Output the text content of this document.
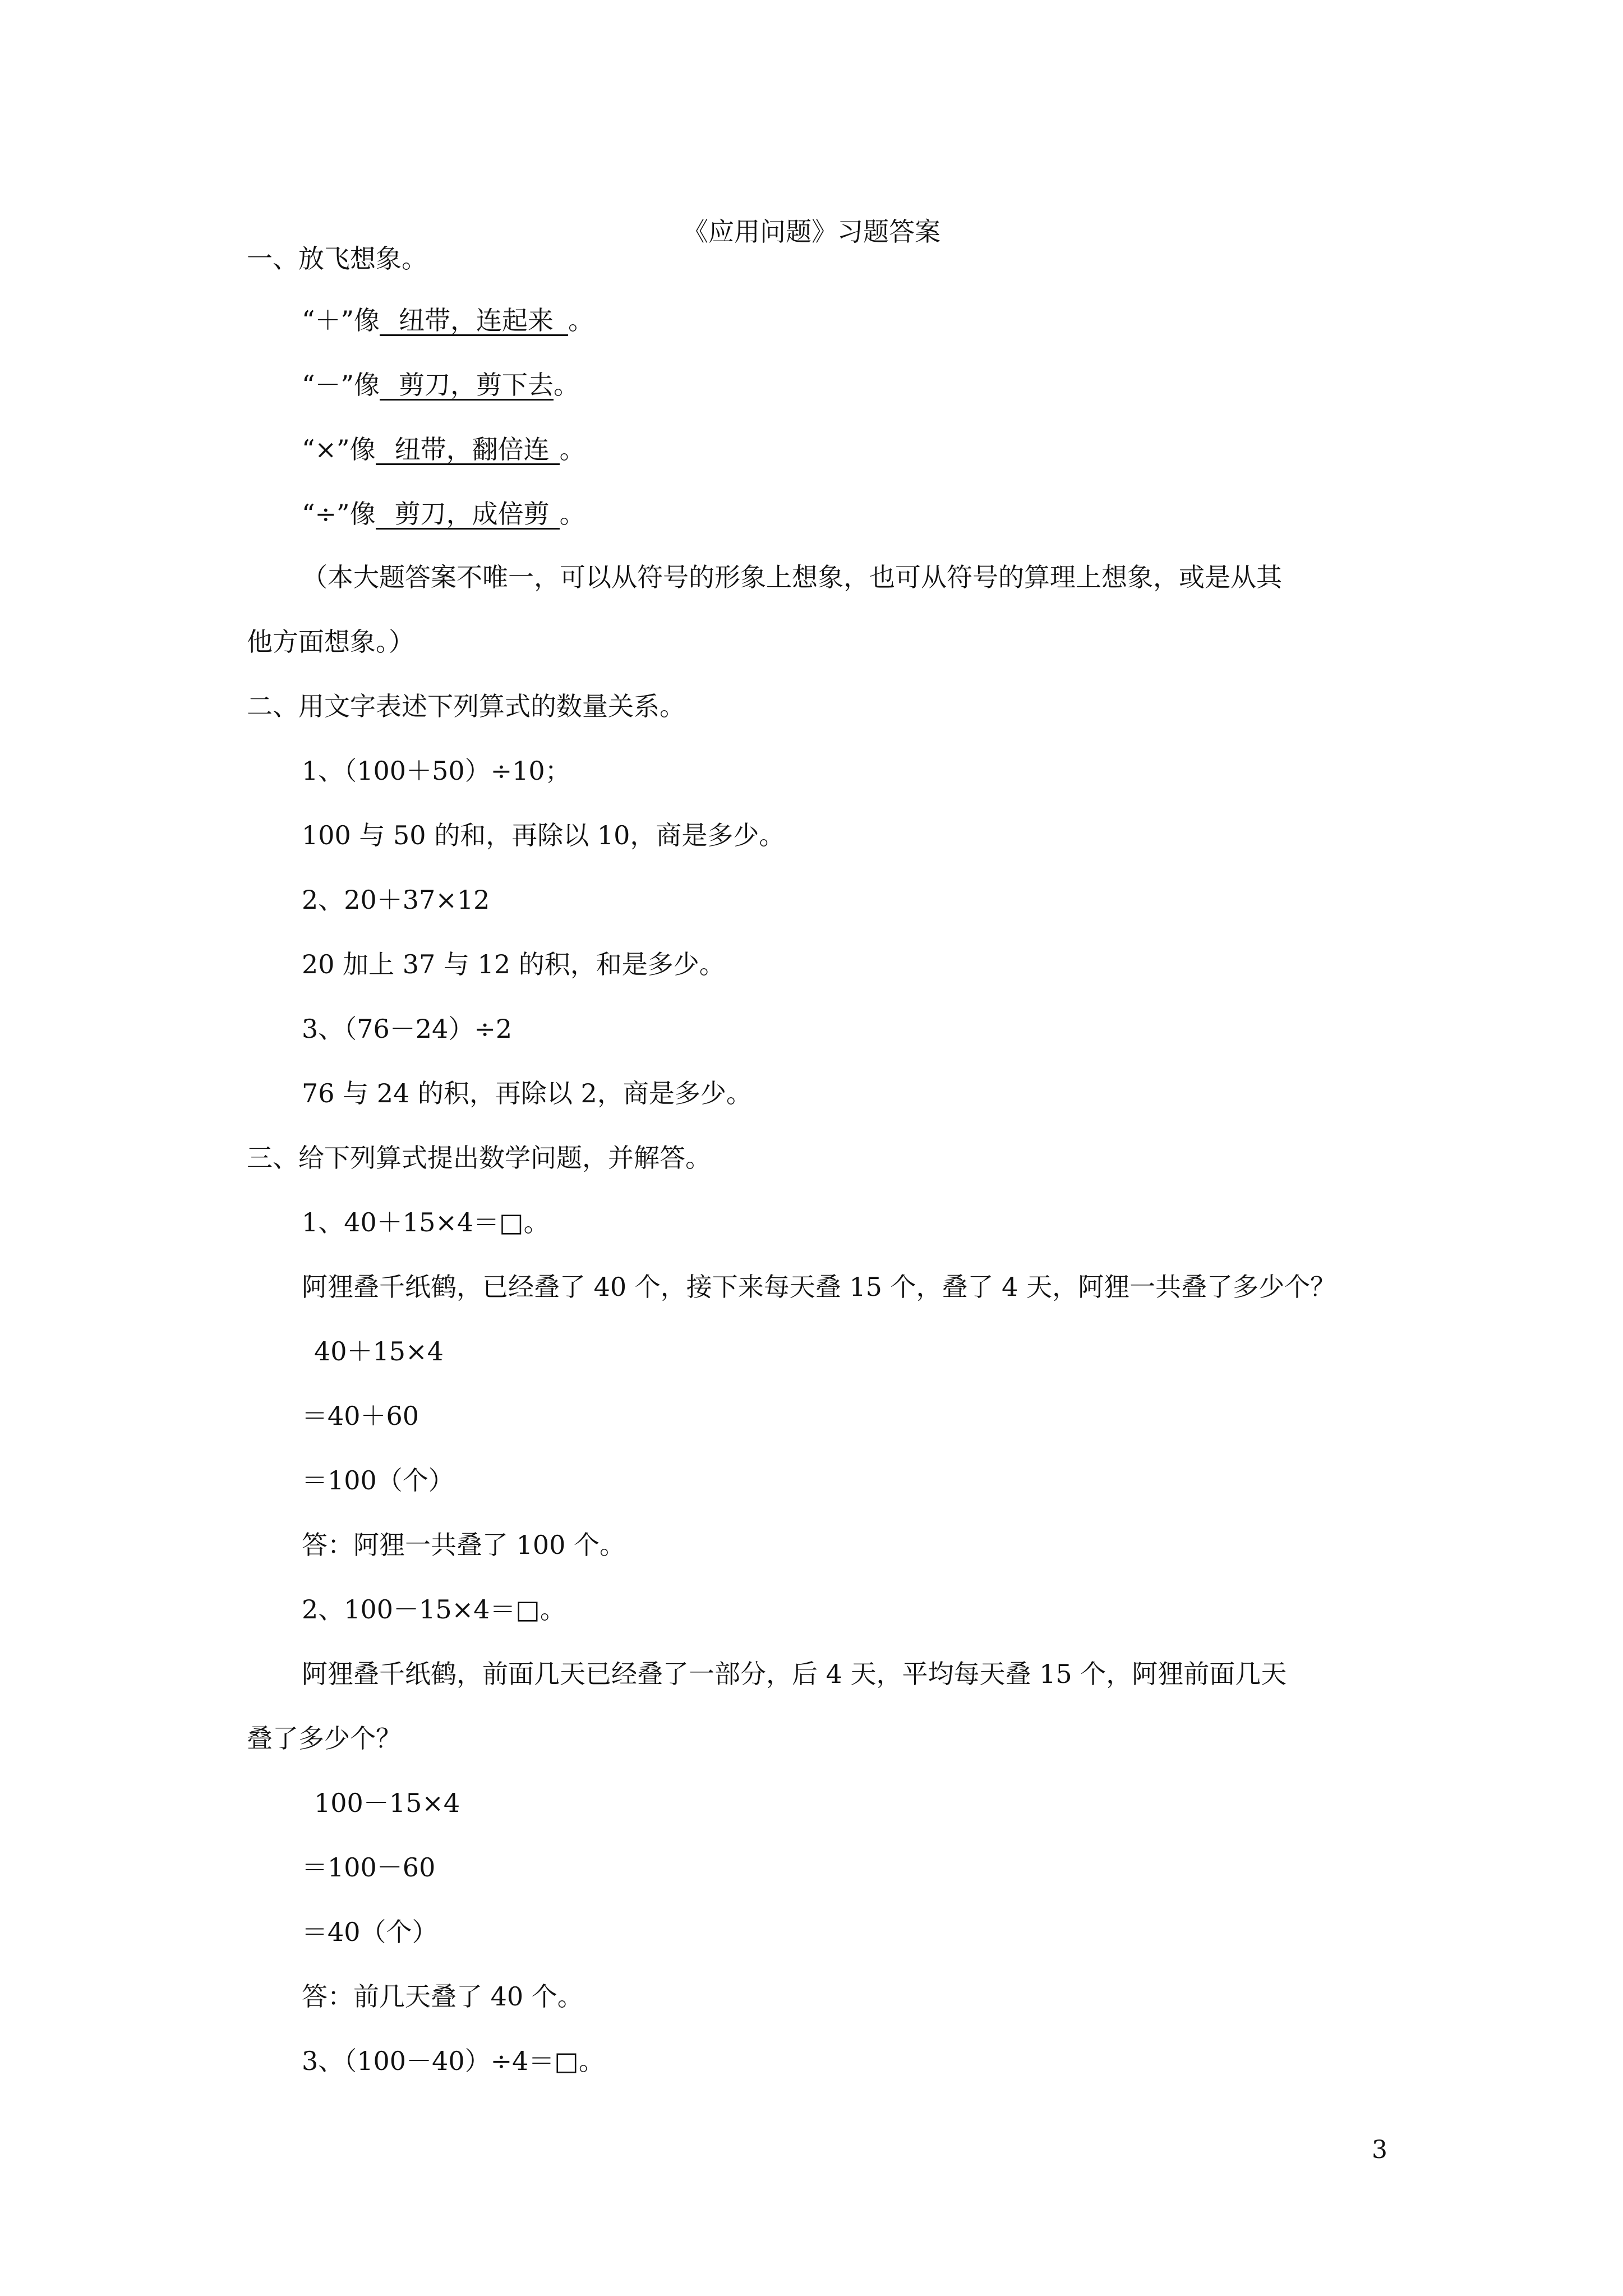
《应用问题》习题答案
一、放飞想象。
“＋”像 纽带，连起来 。
“－”像 剪刀，剪下去。
“×”像 纽带，翻倍连 。
“÷”像 剪刀，成倍剪 。
（本大题答案不唯一，可以从符号的形象上想象，也可从符号的算理上想象，或是从其
他方面想象。）
二、用文字表述下列算式的数量关系。
1、（100＋50）÷10；
100 与 50 的和，再除以 10，商是多少。
2、20＋37×12
20 加上 37 与 12 的积，和是多少。
3、（76－24）÷2
76 与 24 的积，再除以 2，商是多少。
三、给下列算式提出数学问题，并解答。
1、40＋15×4＝□。
阿狸叠千纸鹤，已经叠了 40 个，接下来每天叠 15 个，叠了 4 天，阿狸一共叠了多少个？
40＋15×4
＝40＋60
＝100（个）
答：阿狸一共叠了 100 个。
2、100－15×4＝□。
阿狸叠千纸鹤，前面几天已经叠了一部分，后 4 天，平均每天叠 15 个，阿狸前面几天
叠了多少个？
100－15×4
＝100－60
＝40（个）
答：前几天叠了 40 个。
3、（100－40）÷4＝□。
3
